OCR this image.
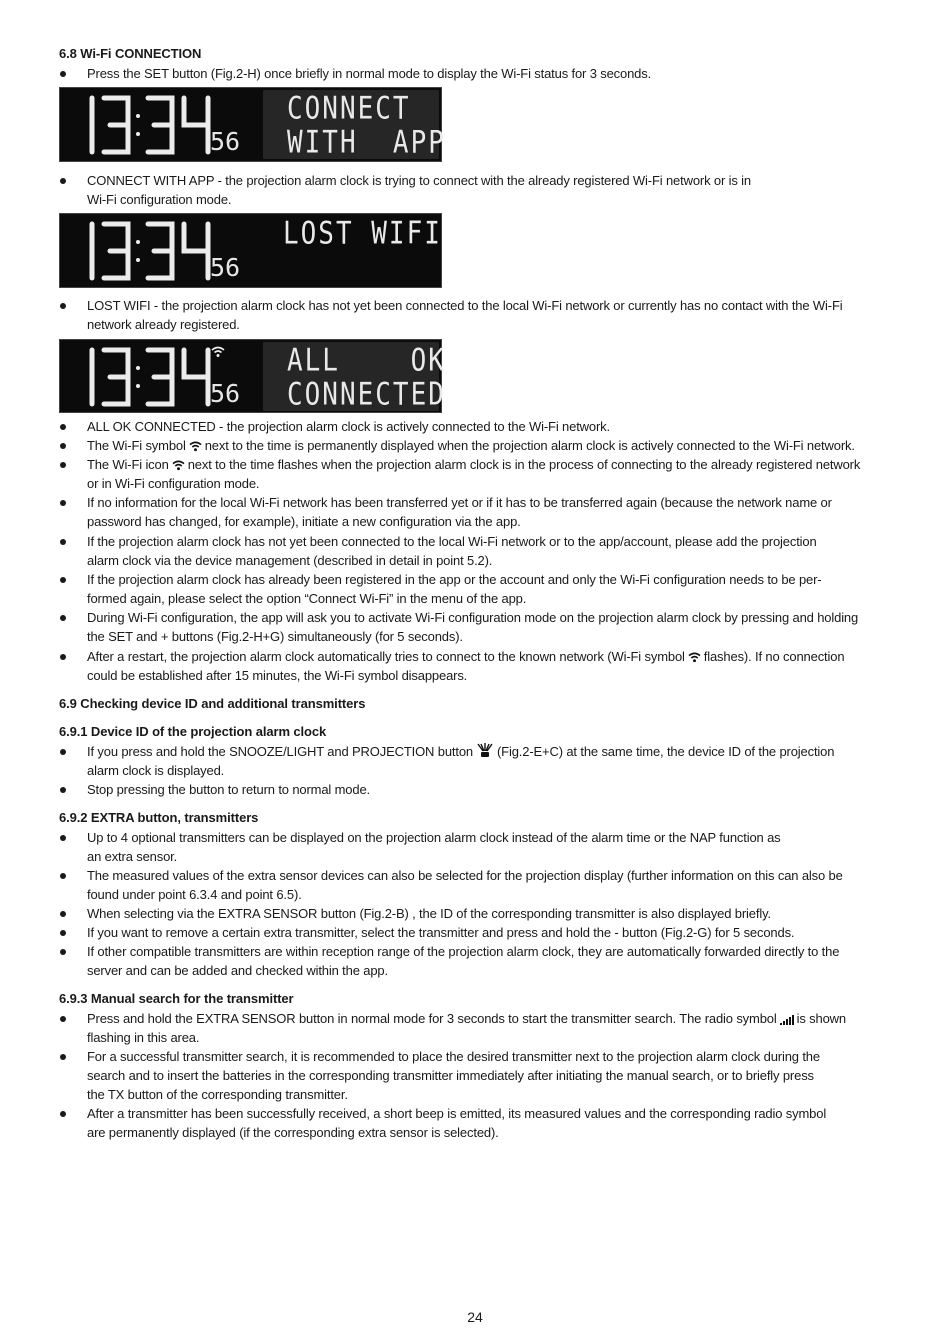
6.8 Wi-Fi CONNECTION
Press the SET button (Fig.2-H) once briefly in normal mode to display the Wi-Fi status for 3 seconds.
56
CONNECT
WITH  APP
CONNECT WITH APP - the projection alarm clock is trying to connect with the already registered Wi-Fi network or is in
Wi-Fi configuration mode.
56
LOST WIFI
LOST WIFI - the projection alarm clock has not yet been connected to the local Wi-Fi network or currently has no contact with the Wi-Fi
network already registered.
56
ALL    OK
CONNECTED
ALL OK CONNECTED - the projection alarm clock is actively connected to the Wi-Fi network.
The Wi-Fi symbol next to the time is permanently displayed when the projection alarm clock is actively connected to the Wi-Fi network.
The Wi-Fi icon next to the time flashes when the projection alarm clock is in the process of connecting to the already registered network
or in Wi-Fi configuration mode.
If no information for the local Wi-Fi network has been transferred yet or if it has to be transferred again (because the network name or
password has changed, for example), initiate a new configuration via the app.
If the projection alarm clock has not yet been connected to the local Wi-Fi network or to the app/account, please add the projection
alarm clock via the device management (described in detail in point 5.2).
If the projection alarm clock has already been registered in the app or the account and only the Wi-Fi configuration needs to be per-
formed again, please select the option “Connect Wi-Fi” in the menu of the app.
During Wi-Fi configuration, the app will ask you to activate Wi-Fi configuration mode on the projection alarm clock by pressing and holding
the SET and + buttons (Fig.2-H+G) simultaneously (for 5 seconds).
After a restart, the projection alarm clock automatically tries to connect to the known network (Wi-Fi symbol flashes). If no connection
could be established after 15 minutes, the Wi-Fi symbol disappears.
6.9 Checking device ID and additional transmitters
6.9.1 Device ID of the projection alarm clock
If you press and hold the SNOOZE/LIGHT and PROJECTION button (Fig.2-E+C) at the same time, the device ID of the projection
alarm clock is displayed.
Stop pressing the button to return to normal mode.
6.9.2 EXTRA button, transmitters
Up to 4 optional transmitters can be displayed on the projection alarm clock instead of the alarm time or the NAP function as
an extra sensor.
The measured values of the extra sensor devices can also be selected for the projection display (further information on this can also be
found under point 6.3.4 and point 6.5).
When selecting via the EXTRA SENSOR button (Fig.2-B) , the ID of the corresponding transmitter is also displayed briefly.
If you want to remove a certain extra transmitter, select the transmitter and press and hold the - button (Fig.2-G) for 5 seconds.
If other compatible transmitters are within reception range of the projection alarm clock, they are automatically forwarded directly to the
server and can be added and checked within the app.
6.9.3 Manual search for the transmitter
Press and hold the EXTRA SENSOR button in normal mode for 3 seconds to start the transmitter search. The radio symbol is shown
flashing in this area.
For a successful transmitter search, it is recommended to place the desired transmitter next to the projection alarm clock during the
search and to insert the batteries in the corresponding transmitter immediately after initiating the manual search, or to briefly press
the TX button of the corresponding transmitter.
After a transmitter has been successfully received, a short beep is emitted, its measured values and the corresponding radio symbol
are permanently displayed (if the corresponding extra sensor is selected).
24
